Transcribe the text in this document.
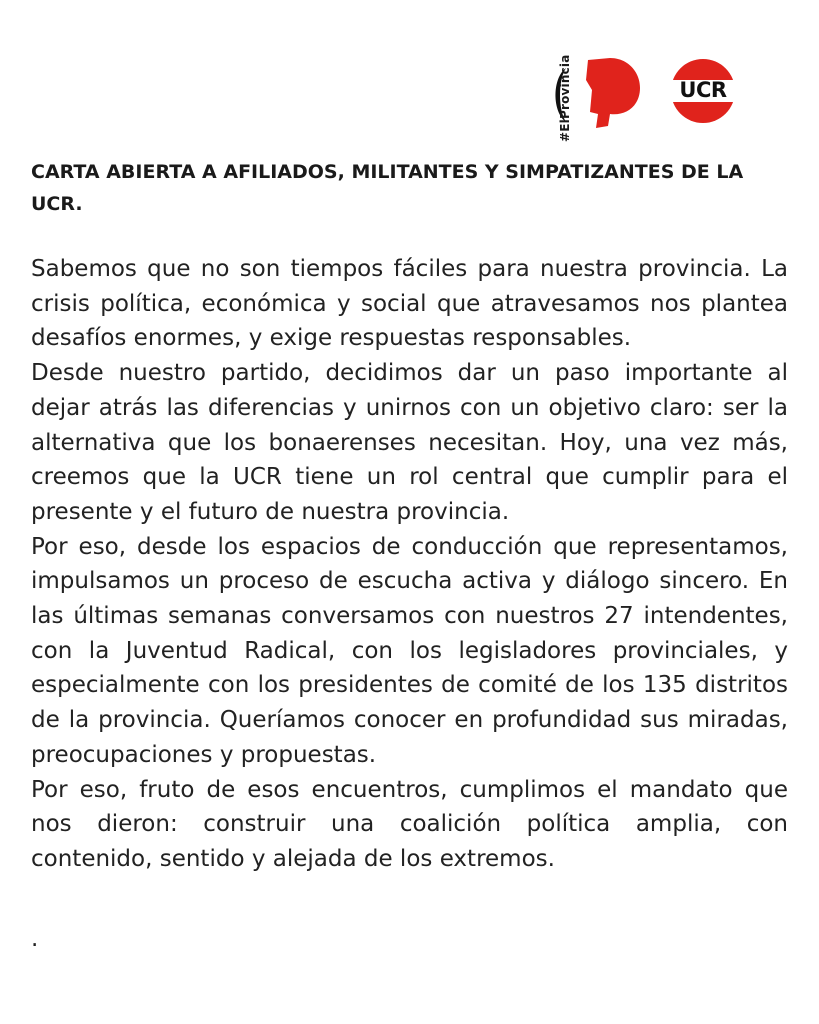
#ElProvincia	UCR
CARTA ABIERTA A AFILIADOS, MILITANTES Y SIMPATIZANTES DE LA UCR.

Sabemos que no son tiempos fáciles para nuestra provincia. La crisis política, económica y social que atravesamos nos plantea desafíos enormes, y exige respuestas responsables.

Desde nuestro partido, decidimos dar un paso importante al dejar atrás las diferencias y unirnos con un objetivo claro: ser la alternativa que los bonaerenses necesitan. Hoy, una vez más, creemos que la UCR tiene un rol central que cumplir para el presente y el futuro de nuestra provincia.

Por eso, desde los espacios de conducción que representamos, impulsamos un proceso de escucha activa y diálogo sincero. En las últimas semanas conversamos con nuestros 27 intendentes, con la Juventud Radical, con los legisladores provinciales, y especialmente con los presidentes de comité de los 135 distritos de la provincia. Queríamos conocer en profundidad sus miradas, preocupaciones y propuestas.

Por eso, fruto de esos encuentros, cumplimos el mandato que nos dieron: construir una coalición política amplia, con contenido, sentido y alejada de los extremos.

.
